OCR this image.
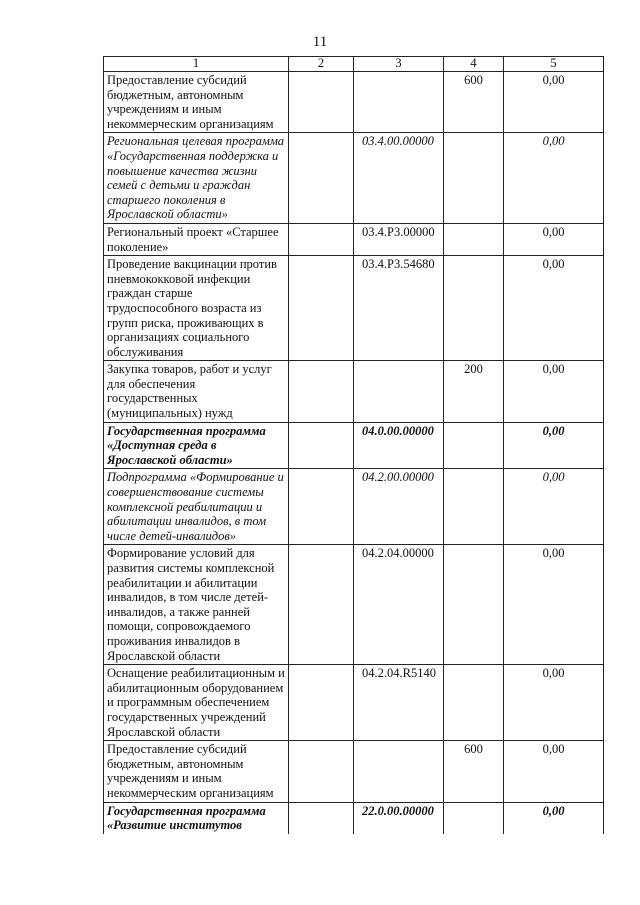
11
1	2	3	4	5
Предоставление субсидий бюджетным, автономным учреждениям и иным некоммерческим организациям			600	0,00
Региональная целевая программа «Государственная поддержка и повышение качества жизни семей с детьми и граждан старшего поколения в Ярославской области»		03.4.00.00000		0,00
Региональный проект «Старшее поколение»		03.4.P3.00000		0,00
Проведение вакцинации против пневмококковой инфекции граждан старше трудоспособного возраста из групп риска, проживающих в организациях социального обслуживания		03.4.P3.54680		0,00
Закупка товаров, работ и услуг для обеспечения государственных (муниципальных) нужд			200	0,00
Государственная программа «Доступная среда в Ярославской области»		04.0.00.00000		0,00
Подпрограмма «Формирование и совершенствование системы комплексной реабилитации и абилитации инвалидов, в том числе детей-инвалидов»		04.2.00.00000		0,00
Формирование условий для развития системы комплексной реабилитации и абилитации инвалидов, в том числе детей-инвалидов, а также ранней помощи, сопровождаемого проживания инвалидов в Ярославской области		04.2.04.00000		0,00
Оснащение реабилитационным и абилитационным оборудованием и программным обеспечением государственных учреждений Ярославской области		04.2.04.R5140		0,00
Предоставление субсидий бюджетным, автономным учреждениям и иным некоммерческим организациям			600	0,00
Государственная программа «Развитие институтов		22.0.00.00000		0,00
